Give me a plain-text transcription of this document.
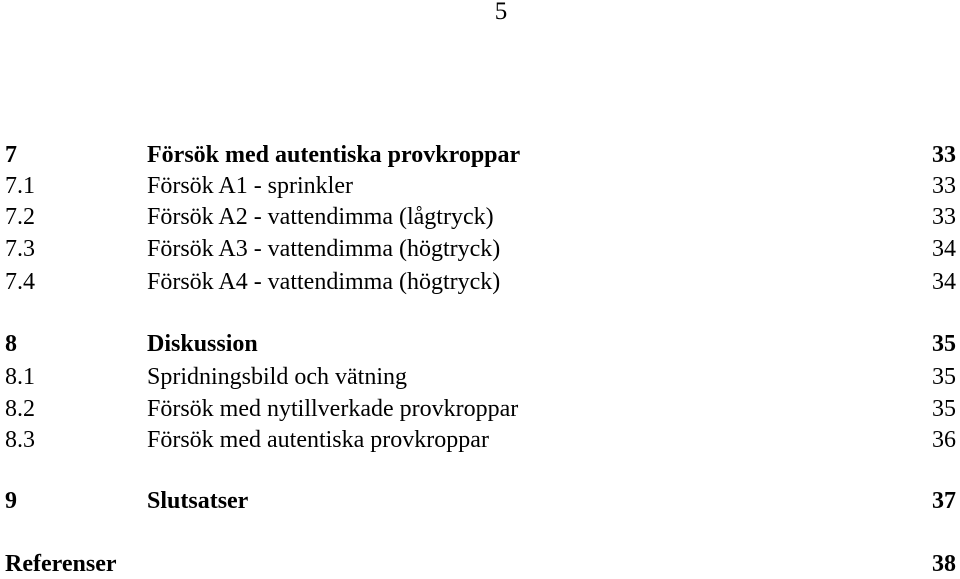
5
7	Försök med autentiska provkroppar	33
7.1	Försök A1 - sprinkler	33
7.2	Försök A2 - vattendimma (lågtryck)	33
7.3	Försök A3 - vattendimma (högtryck)	34
7.4	Försök A4 - vattendimma (högtryck)	34
8	Diskussion	35
8.1	Spridningsbild och vätning	35
8.2	Försök med nytillverkade provkroppar	35
8.3	Försök med autentiska provkroppar	36
9	Slutsatser	37
Referenser	38
